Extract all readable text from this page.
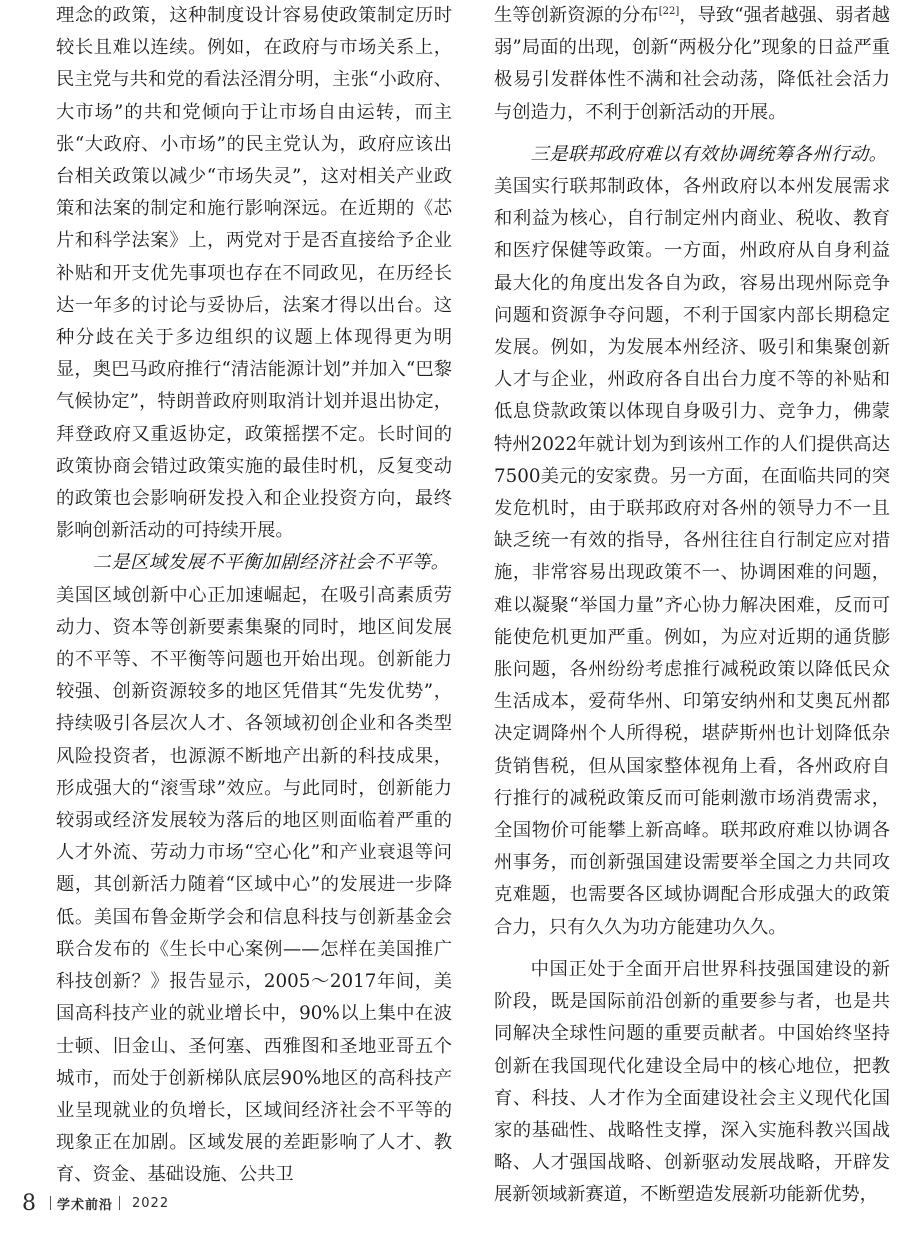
理念的政策，这种制度设计容易使政策制定历时较长且难以连续。例如，在政府与市场关系上，民主党与共和党的看法泾渭分明，主张“小政府、大市场”的共和党倾向于让市场自由运转，而主张“大政府、小市场”的民主党认为，政府应该出台相关政策以减少“市场失灵”，这对相关产业政策和法案的制定和施行影响深远。在近期的《芯片和科学法案》上，两党对于是否直接给予企业补贴和开支优先事项也存在不同政见，在历经长达一年多的讨论与妥协后，法案才得以出台。这种分歧在关于多边组织的议题上体现得更为明显，奥巴马政府推行“清洁能源计划”并加入“巴黎气候协定”，特朗普政府则取消计划并退出协定，拜登政府又重返协定，政策摇摆不定。长时间的政策协商会错过政策实施的最佳时机，反复变动的政策也会影响研发投入和企业投资方向，最终影响创新活动的可持续开展。

二是区域发展不平衡加剧经济社会不平等。

美国区域创新中心正加速崛起，在吸引高素质劳动力、资本等创新要素集聚的同时，地区间发展的不平等、不平衡等问题也开始出现。创新能力较强、创新资源较多的地区凭借其“先发优势”，持续吸引各层次人才、各领域初创企业和各类型风险投资者，也源源不断地产出新的科技成果，形成强大的“滚雪球”效应。与此同时，创新能力较弱或经济发展较为落后的地区则面临着严重的人才外流、劳动力市场“空心化”和产业衰退等问题，其创新活力随着“区域中心”的发展进一步降低。美国布鲁金斯学会和信息科技与创新基金会联合发布的《生长中心案例——怎样在美国推广科技创新？》报告显示，2005～2017年间，美国高科技产业的就业增长中，90%以上集中在波士顿、旧金山、圣何塞、西雅图和圣地亚哥五个城市，而处于创新梯队底层90%地区的高科技产业呈现就业的负增长，区域间经济社会不平等的现象正在加剧。区域发展的差距影响了人才、教育、资金、基础设施、公共卫

生等创新资源的分布[22]，导致“强者越强、弱者越弱”局面的出现，创新“两极分化”现象的日益严重极易引发群体性不满和社会动荡，降低社会活力与创造力，不利于创新活动的开展。

三是联邦政府难以有效协调统筹各州行动。

美国实行联邦制政体，各州政府以本州发展需求和利益为核心，自行制定州内商业、税收、教育和医疗保健等政策。一方面，州政府从自身利益最大化的角度出发各自为政，容易出现州际竞争问题和资源争夺问题，不利于国家内部长期稳定发展。例如，为发展本州经济、吸引和集聚创新人才与企业，州政府各自出台力度不等的补贴和低息贷款政策以体现自身吸引力、竞争力，佛蒙特州2022年就计划为到该州工作的人们提供高达7500美元的安家费。另一方面，在面临共同的突发危机时，由于联邦政府对各州的领导力不一且缺乏统一有效的指导，各州往往自行制定应对措施，非常容易出现政策不一、协调困难的问题，难以凝聚“举国力量”齐心协力解决困难，反而可能使危机更加严重。例如，为应对近期的通货膨胀问题，各州纷纷考虑推行减税政策以降低民众生活成本，爱荷华州、印第安纳州和艾奥瓦州都决定调降州个人所得税，堪萨斯州也计划降低杂货销售税，但从国家整体视角上看，各州政府自行推行的减税政策反而可能刺激市场消费需求，全国物价可能攀上新高峰。联邦政府难以协调各州事务，而创新强国建设需要举全国之力共同攻克难题，也需要各区域协调配合形成强大的政策合力，只有久久为功方能建功久久。

中国正处于全面开启世界科技强国建设的新阶段，既是国际前沿创新的重要参与者，也是共同解决全球性问题的重要贡献者。中国始终坚持创新在我国现代化建设全局中的核心地位，把教育、科技、人才作为全面建设社会主义现代化国家的基础性、战略性支撑，深入实施科教兴国战略、人才强国战略、创新驱动发展战略，开辟发展新领域新赛道，不断塑造发展新功能新优势，

8 学术前沿 2022
